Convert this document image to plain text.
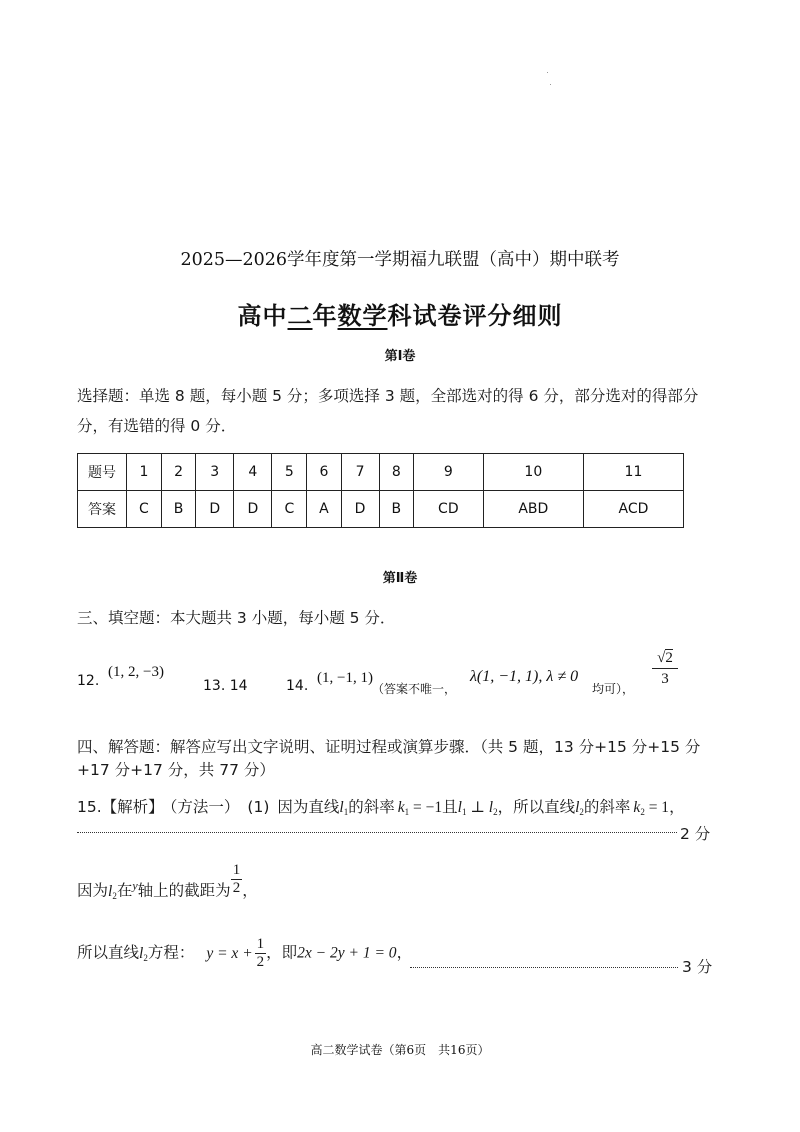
2025—2026学年度第一学期福九联盟（高中）期中联考
高中二年数学科试卷评分细则
第Ⅰ卷
选择题：单选 8 题，每小题 5 分；多项选择 3 题，全部选对的得 6 分，部分选对的得部分
分，有选错的得 0 分．
题号	1	2	3	4	5	6	7	8	9	10	11
答案	C	B	D	D	C	A	D	B	CD	ABD	ACD
第Ⅱ卷
三、填空题：本大题共 3 小题，每小题 5 分．
12.
(1, 2, −3)
13. 14	14. (1, −1, 1)
（答案不唯一，
λ(1, −1, 1), λ ≠ 0
均可）， $\frac{√2}{3}$
四、解答题：解答应写出文字说明、证明过程或演算步骤．（共 5 题，13 分+15 分+15 分
+17 分+17 分，共 77 分）
15.【解析】 （方法一） (1) 因为直线$l_1$的斜率 $k_1 = -1$且$l_1$ ⊥ $l_2$，所以直线$l_2$的斜率 $k_2 = 1$，
2 分
因为$l_2$在$^y$轴上的截距为 $\frac{1}{2}$ ，
所以直线$l_2$方程： $y = x + \frac{1}{2}$ ，即2x − 2y + 1 = 0，
3 分
高二数学试卷（第6页　共16页）
